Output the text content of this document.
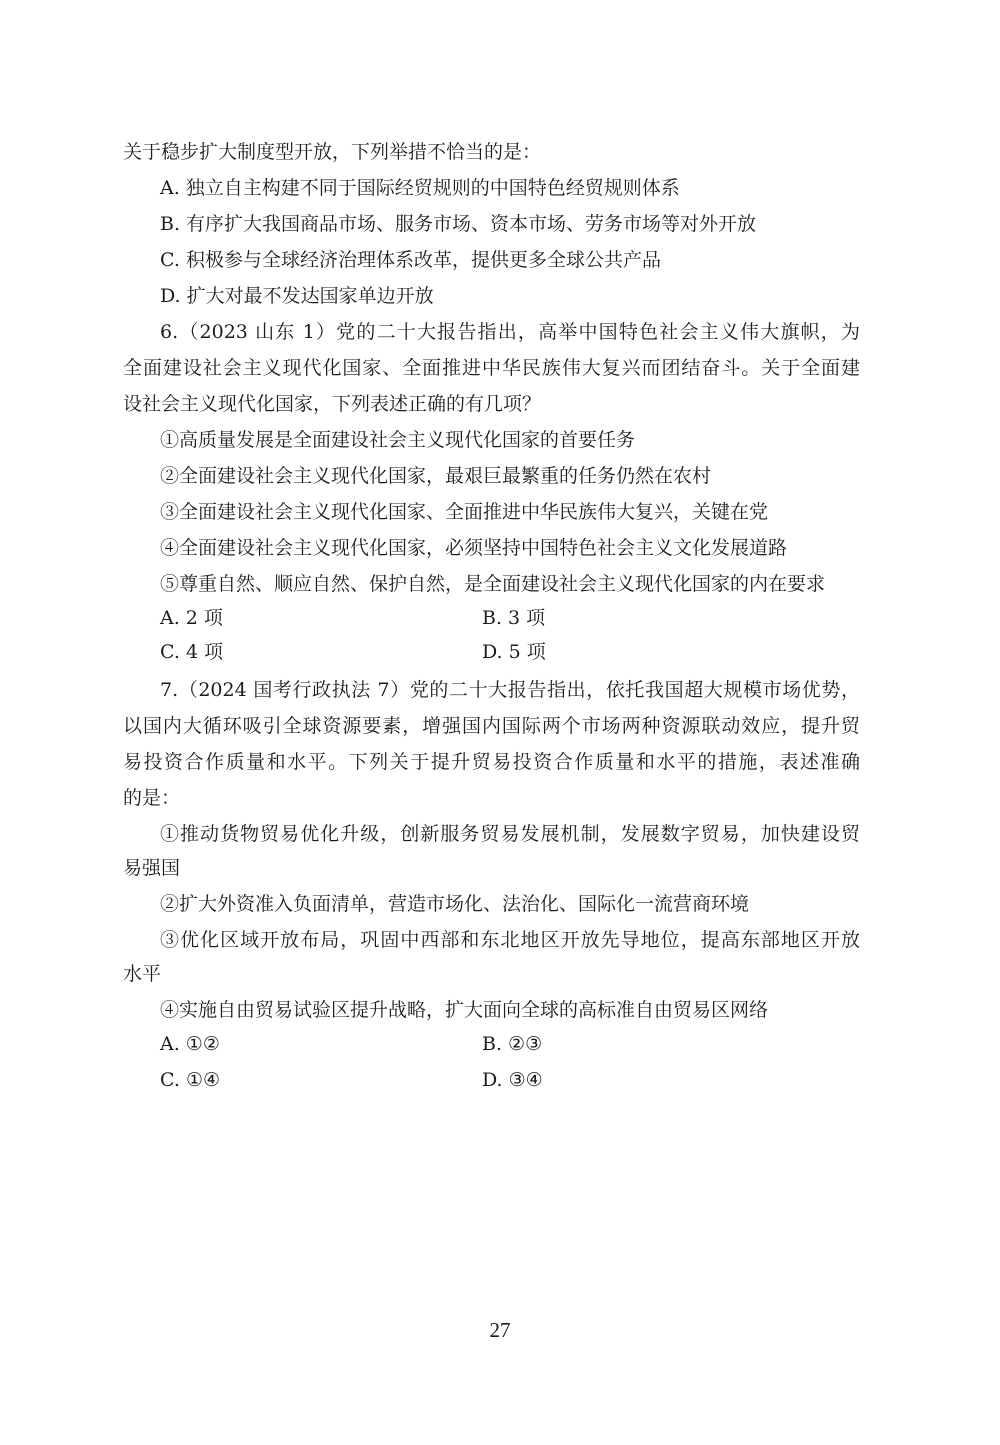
关于稳步扩大制度型开放，下列举措不恰当的是：
A. 独立自主构建不同于国际经贸规则的中国特色经贸规则体系
B. 有序扩大我国商品市场、服务市场、资本市场、劳务市场等对外开放
C. 积极参与全球经济治理体系改革，提供更多全球公共产品
D. 扩大对最不发达国家单边开放
6.（2023 山东 1）党的二十大报告指出，高举中国特色社会主义伟大旗帜，为
全面建设社会主义现代化国家、全面推进中华民族伟大复兴而团结奋斗。关于全面建
设社会主义现代化国家，下列表述正确的有几项？
①高质量发展是全面建设社会主义现代化国家的首要任务
②全面建设社会主义现代化国家，最艰巨最繁重的任务仍然在农村
③全面建设社会主义现代化国家、全面推进中华民族伟大复兴，关键在党
④全面建设社会主义现代化国家，必须坚持中国特色社会主义文化发展道路
⑤尊重自然、顺应自然、保护自然，是全面建设社会主义现代化国家的内在要求
A. 2 项	B. 3 项
C. 4 项	D. 5 项
7.（2024 国考行政执法 7）党的二十大报告指出，依托我国超大规模市场优势，
以国内大循环吸引全球资源要素，增强国内国际两个市场两种资源联动效应，提升贸
易投资合作质量和水平。下列关于提升贸易投资合作质量和水平的措施，表述准确
的是：
①推动货物贸易优化升级，创新服务贸易发展机制，发展数字贸易，加快建设贸
易强国
②扩大外资准入负面清单，营造市场化、法治化、国际化一流营商环境
③优化区域开放布局，巩固中西部和东北地区开放先导地位，提高东部地区开放
水平
④实施自由贸易试验区提升战略，扩大面向全球的高标准自由贸易区网络
A. ①②	B. ②③
C. ①④	D. ③④
27
